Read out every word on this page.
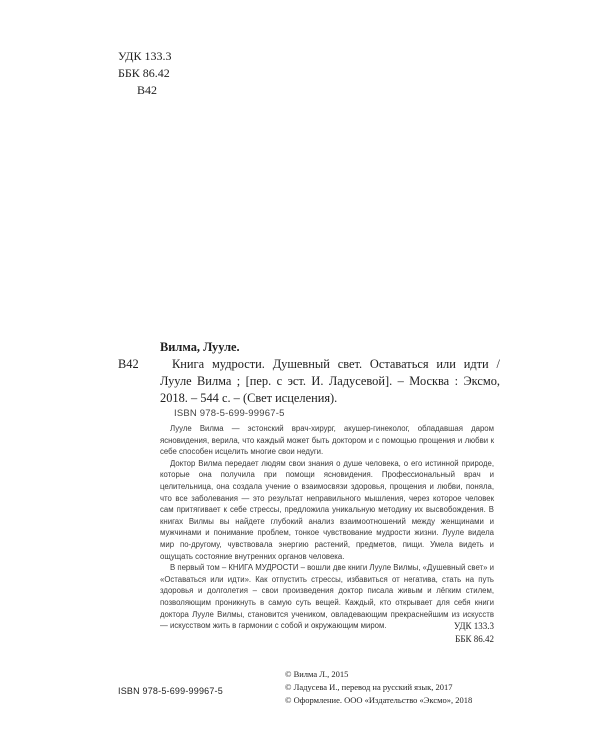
УДК 133.3
ББК 86.42
В42
В42
Вилма, Лууле.
Книга мудрости. Душевный свет. Оставаться или идти / Лууле Вилма ; [пер. с эст. И. Ладусевой]. – Москва : Эксмо, 2018. – 544 с. – (Свет исцеления).
ISBN 978-5-699-99967-5

Лууле Вилма — эстонский врач-хирург, акушер-гинеколог, обладавшая даром ясновидения, верила, что каждый может быть доктором и с помощью прощения и любви к себе способен исцелить многие свои недуги.

Доктор Вилма передает людям свои знания о душе человека, о его истинной природе, которые она получила при помощи ясновидения. Профессиональный врач и целительница, она создала учение о взаимосвязи здоровья, прощения и любви, поняла, что все заболевания — это результат неправильного мышления, через которое человек сам притягивает к себе стрессы, предложила уникальную методику их высвобождения. В книгах Вилмы вы найдете глубокий анализ взаимоотношений между женщинами и мужчинами и понимание проблем, тонкое чувствование мудрости жизни. Лууле видела мир по-другому, чувствовала энергию растений, предметов, пищи. Умела видеть и ощущать состояние внутренних органов человека.

В первый том – КНИГА МУДРОСТИ – вошли две книги Лууле Вилмы, «Душевный свет» и «Оставаться или идти». Как отпустить стрессы, избавиться от негатива, стать на путь здоровья и долголетия – свои произведения доктор писала живым и лёгким стилем, позволяющим проникнуть в самую суть вещей. Каждый, кто открывает для себя книги доктора Лууле Вилмы, становится учеником, овладевающим прекраснейшим из искусств — искусством жить в гармонии с собой и окружающим миром.	УДК 133.3
ББК 86.42
ISBN 978-5-699-99967-5
© Вилма Л., 2015
© Ладусева И., перевод на русский язык, 2017
© Оформление. ООО «Издательство «Эксмо», 2018
